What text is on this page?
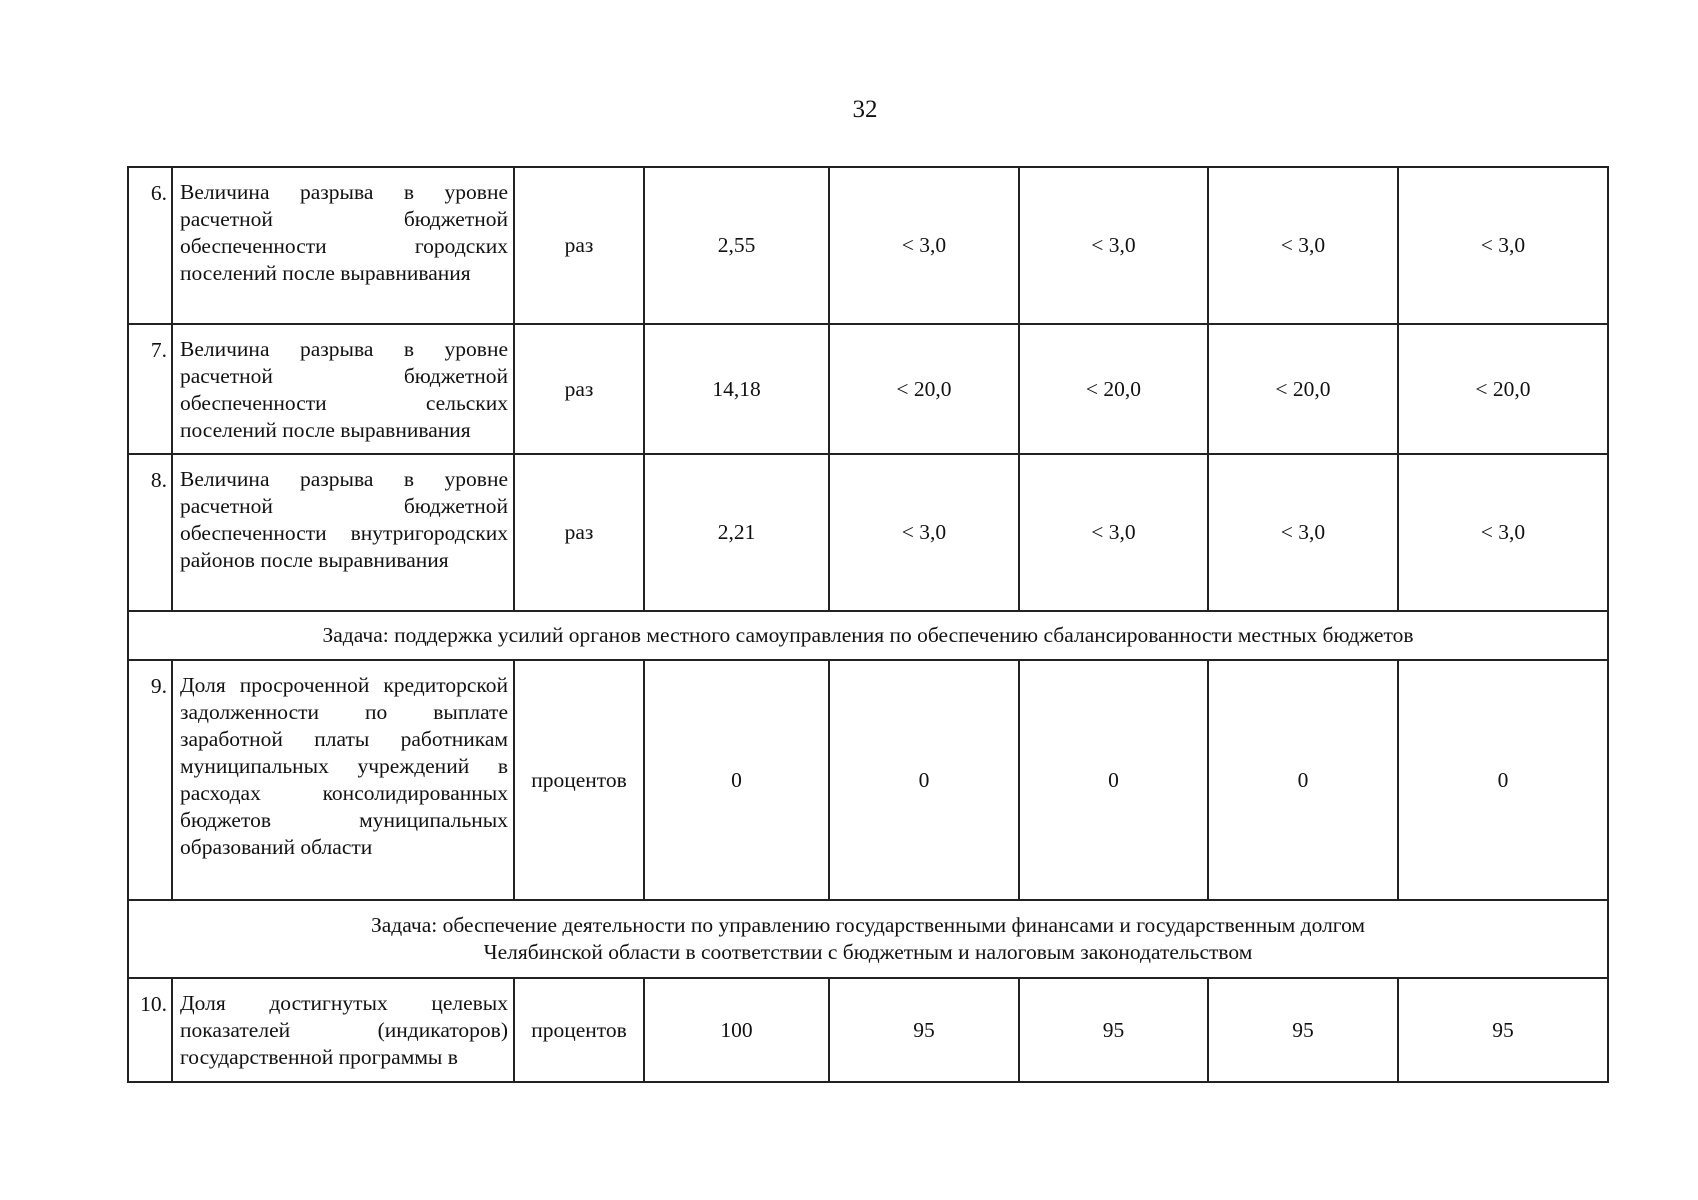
32
6.	Величина разрыва в уровне расчетной бюджетной обеспеченности городских поселений после выравнивания	раз	2,55	< 3,0	< 3,0	< 3,0	< 3,0
7.	Величина разрыва в уровне расчетной бюджетной обеспеченности сельских поселений после выравнивания	раз	14,18	< 20,0	< 20,0	< 20,0	< 20,0
8.	Величина разрыва в уровне расчетной бюджетной обеспеченности внутригородских районов после выравнивания	раз	2,21	< 3,0	< 3,0	< 3,0	< 3,0

Задача: поддержка усилий органов местного самоуправления по обеспечению сбалансированности местных бюджетов							

9.	Доля просроченной кредиторской задолженности по выплате заработной платы работникам муниципальных учреждений в расходах консолидированных бюджетов муниципальных образований области	процентов	0	0	0	0	0

Задача: обеспечение деятельности по управлению государственными финансами и государственным долгом
Челябинской области в соответствии с бюджетным и налоговым законодательством							

10.	Доля достигнутых целевых показателей (индикаторов) государственной программы в	процентов	100	95	95	95	95
